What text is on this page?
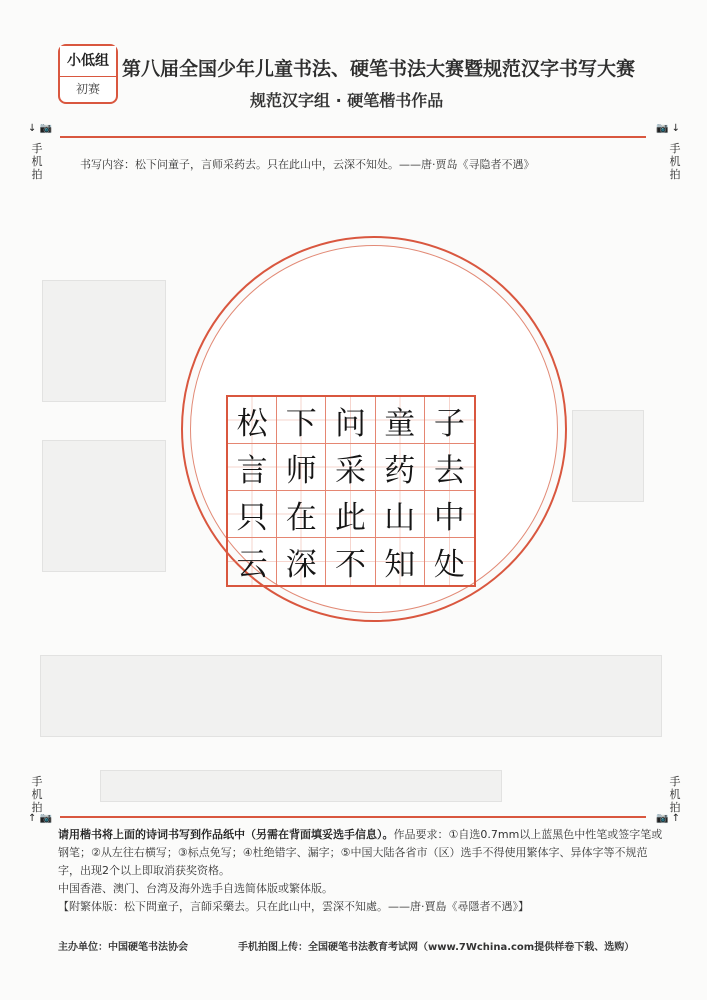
小低组
初赛
第八届全国少年儿童书法、硬笔书法大赛暨规范汉字书写大赛
规范汉字组 · 硬笔楷书作品
↓ 📷
手机拍
📷 ↓
手机拍
书写内容：松下问童子，言师采药去。只在此山中，云深不知处。——唐·贾岛《寻隐者不遇》
松 下 问 童 子
言 师 采 药 去
只 在 此 山 中
云 深 不 知 处
手机拍
↑ 📷
手机拍
📷 ↑
请用楷书将上面的诗词书写到作品纸中（另需在背面填妥选手信息）。作品要求：①自选0.7mm以上蓝黑色中性笔或签字笔或钢笔；②从左往右横写；③标点免写；④杜绝错字、漏字；⑤中国大陆各省市（区）选手不得使用繁体字、异体字等不规范字，出现2个以上即取消获奖资格。
中国香港、澳门、台湾及海外选手自选简体版或繁体版。
【附繁体版：松下問童子，言師采藥去。只在此山中，雲深不知處。——唐·賈島《尋隱者不遇》】
主办单位：中国硬笔书法协会	手机拍图上传：全国硬笔书法教育考试网（www.7Wchina.com提供样卷下载、选购）
